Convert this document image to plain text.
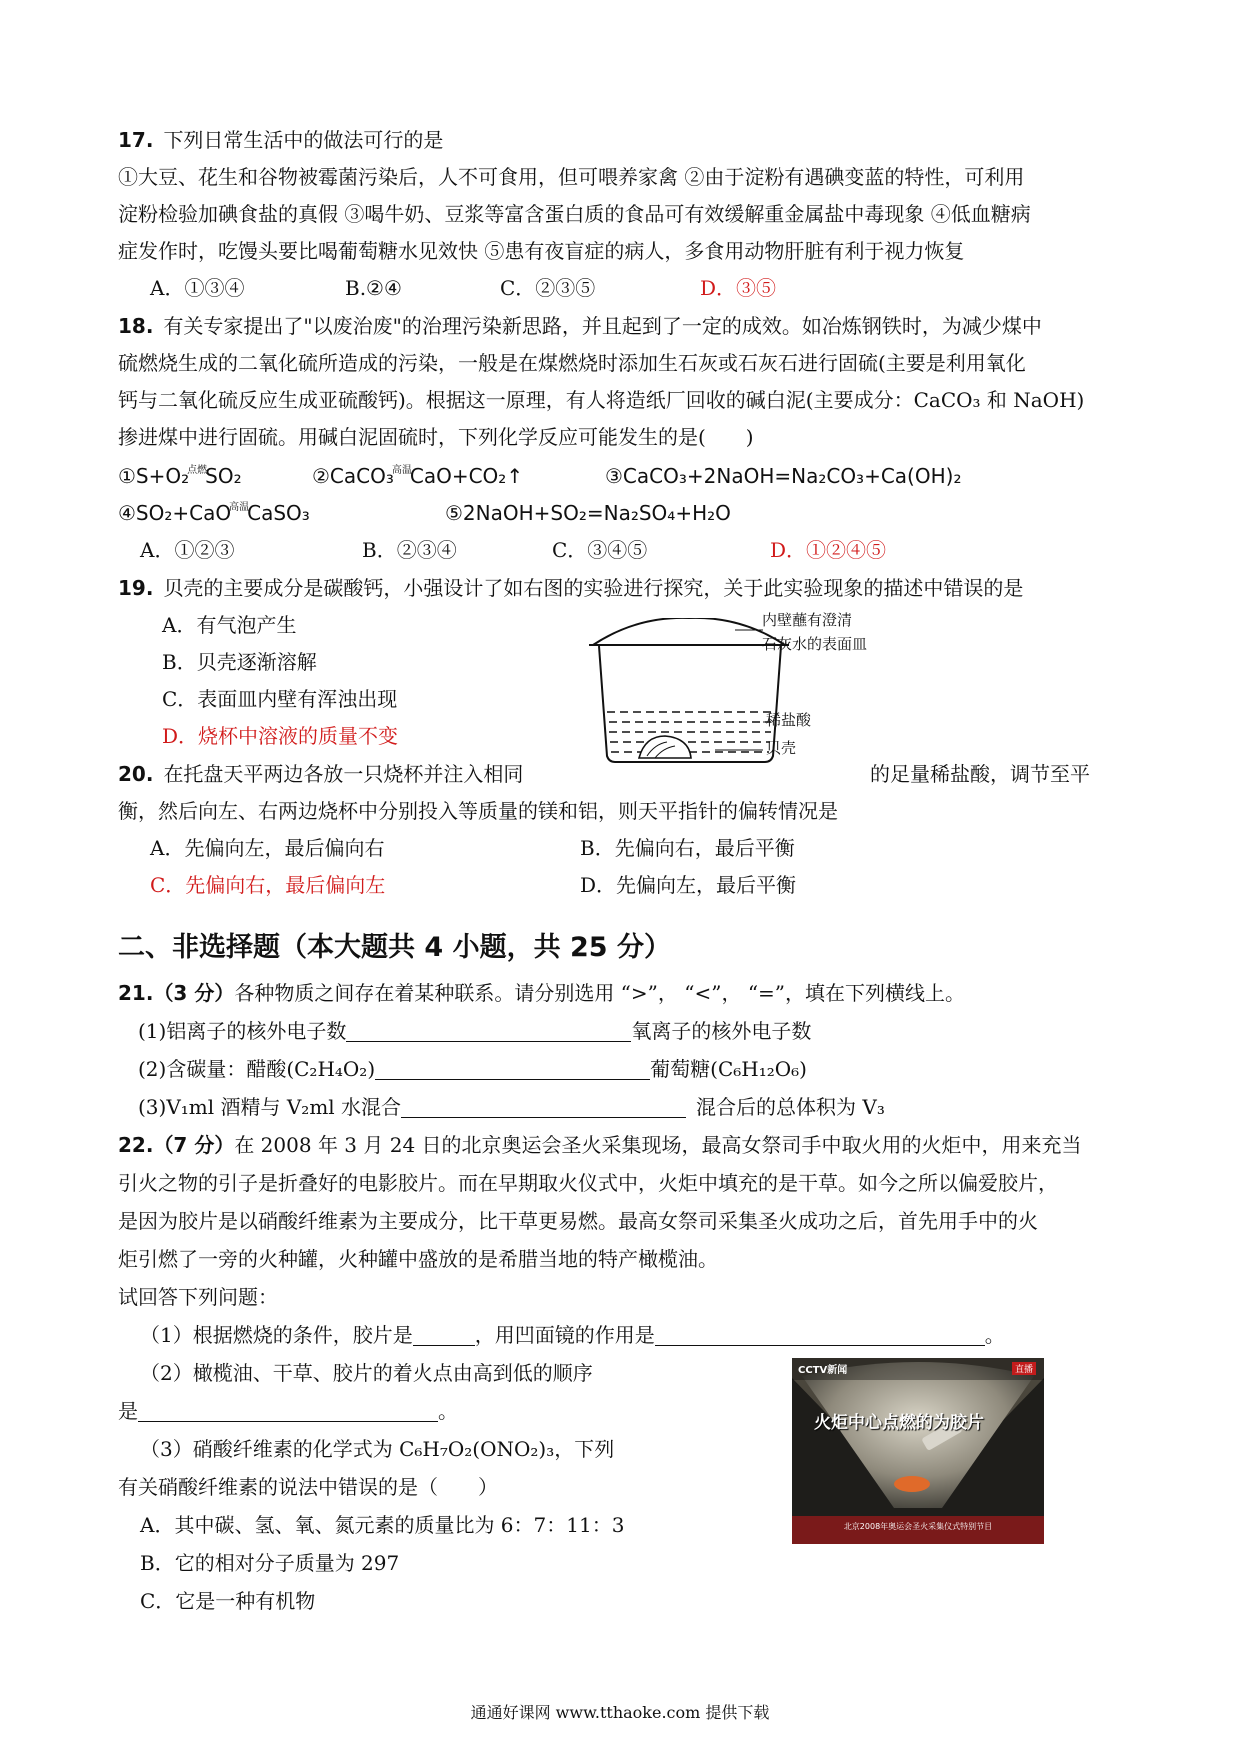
17. 下列日常生活中的做法可行的是
①大豆、花生和谷物被霉菌污染后，人不可食用，但可喂养家禽 ②由于淀粉有遇碘变蓝的特性，可利用
淀粉检验加碘食盐的真假 ③喝牛奶、豆浆等富含蛋白质的食品可有效缓解重金属盐中毒现象 ④低血糖病
症发作时，吃馒头要比喝葡萄糖水见效快 ⑤患有夜盲症的病人，多食用动物肝脏有利于视力恢复
A．①③④	B.②④	C．②③⑤	D．③⑤
18. 有关专家提出了"以废治废"的治理污染新思路，并且起到了一定的成效。如冶炼钢铁时，为减少煤中
硫燃烧生成的二氧化硫所造成的污染，一般是在煤燃烧时添加生石灰或石灰石进行固硫(主要是利用氧化
钙与二氧化硫反应生成亚硫酸钙)。根据这一原理，有人将造纸厂回收的碱白泥(主要成分：CaCO₃ 和 NaOH)
掺进煤中进行固硫。用碱白泥固硫时，下列化学反应可能发生的是(　　)
①S+O₂$^{点燃}$SO₂	②CaCO₃$^{高温}$CaO+CO₂↑	③CaCO₃+2NaOH=Na₂CO₃+Ca(OH)₂
④SO₂+CaO$^{高温}$CaSO₃	⑤2NaOH+SO₂=Na₂SO₄+H₂O
A．①②③	B．②③④	C．③④⑤	D．①②④⑤
19. 贝壳的主要成分是碳酸钙，小强设计了如右图的实验进行探究，关于此实验现象的描述中错误的是
A．有气泡产生
B．贝壳逐渐溶解
C．表面皿内壁有浑浊出现
D．烧杯中溶液的质量不变
内壁蘸有澄清
石灰水的表面皿
稀盐酸
贝壳
20. 在托盘天平两边各放一只烧杯并注入相同	的足量稀盐酸，调节至平
衡，然后向左、右两边烧杯中分别投入等质量的镁和铝，则天平指针的偏转情况是
A．先偏向左，最后偏向右	B．先偏向右，最后平衡
C．先偏向右，最后偏向左	D．先偏向左，最后平衡
二、非选择题（本大题共 4 小题，共 25 分）
21.（3 分）各种物质之间存在着某种联系。请分别选用 “>”， “<”， “=”，填在下列横线上。
(1)铝离子的核外电子数	氧离子的核外电子数
(2)含碳量：醋酸(C₂H₄O₂)	葡萄糖(C₆H₁₂O₆)
(3)V₁ml 酒精与 V₂ml 水混合	混合后的总体积为 V₃
22.（7 分）在 2008 年 3 月 24 日的北京奥运会圣火采集现场，最高女祭司手中取火用的火炬中，用来充当
引火之物的引子是折叠好的电影胶片。而在早期取火仪式中，火炬中填充的是干草。如今之所以偏爱胶片，
是因为胶片是以硝酸纤维素为主要成分，比干草更易燃。最高女祭司采集圣火成功之后，首先用手中的火
炬引燃了一旁的火种罐，火种罐中盛放的是希腊当地的特产橄榄油。
试回答下列问题：
（1）根据燃烧的条件，胶片是	，用凹面镜的作用是	。
（2）橄榄油、干草、胶片的着火点由高到低的顺序
是	。
（3）硝酸纤维素的化学式为 C₆H₇O₂(ONO₂)₃，下列
有关硝酸纤维素的说法中错误的是（　　）
A．其中碳、氢、氧、氮元素的质量比为 6：7：11：3
B．它的相对分子质量为 297
C．它是一种有机物
CCTV新闻	直播
火炬中心点燃的为胶片
北京2008年奥运会圣火采集仪式特别节目
通通好课网 www.tthaoke.com 提供下载
